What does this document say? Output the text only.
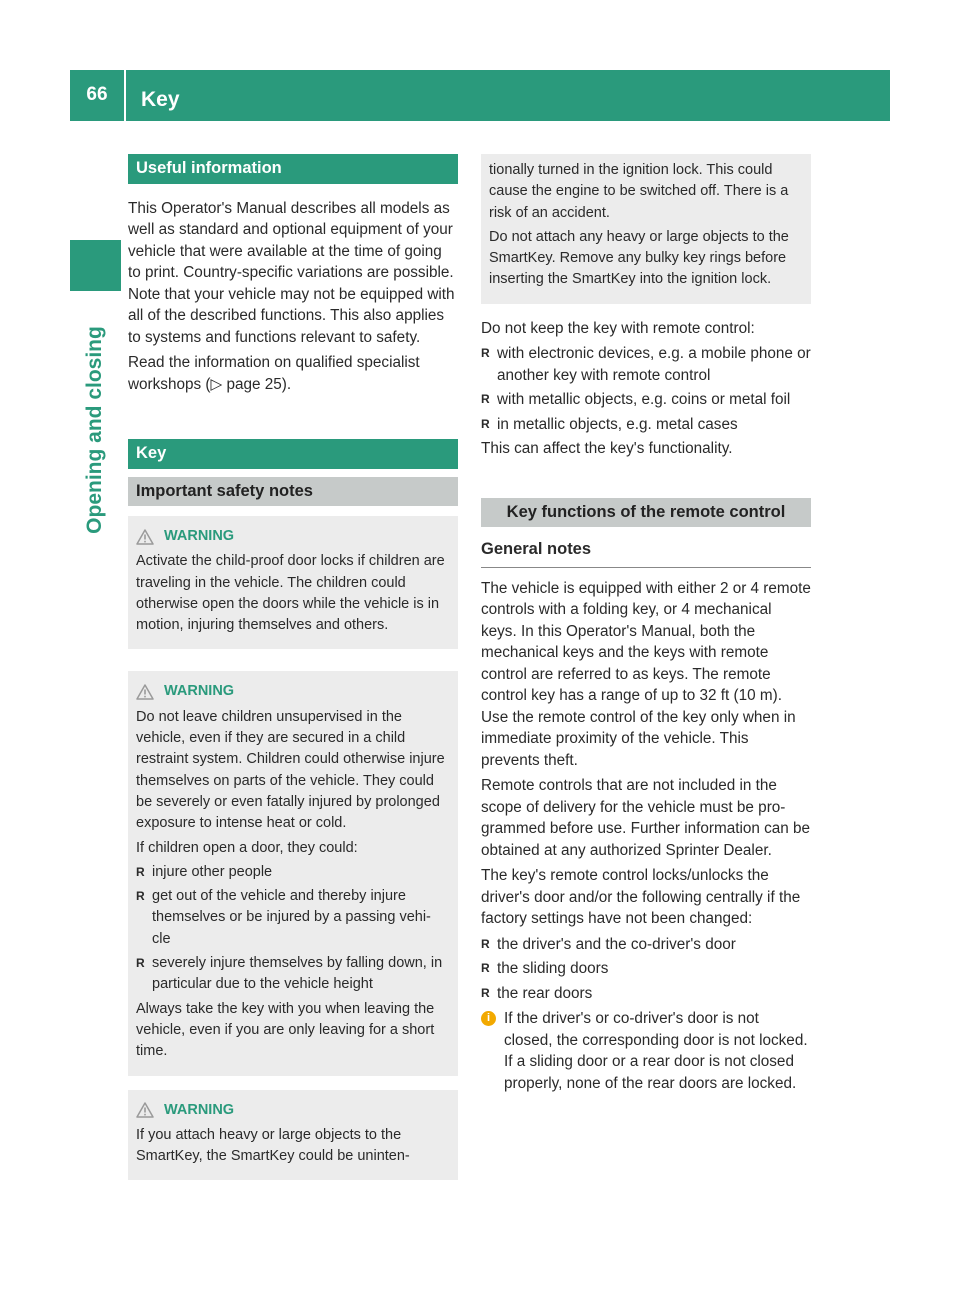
66	Key
Opening and closing
Useful information

This Operator's Manual describes all models as well as standard and optional equipment of your vehicle that were available at the time of going to print. Country-specific variations are possible. Note that your vehicle may not be equipped with all of the described functions. This also applies to systems and functions relevant to safety.

Read the information on qualified specialist workshops (▷ page 25).

Key
Important safety notes
WARNING

Activate the child-proof door locks if children are traveling in the vehicle. The children could otherwise open the doors while the vehicle is in motion, injuring themselves and others.

WARNING

Do not leave children unsupervised in the vehicle, even if they are secured in a child restraint system. Children could otherwise injure themselves on parts of the vehicle. They could be severely or even fatally injured by prolonged exposure to intense heat or cold.

If children open a door, they could:

R injure other people
R get out of the vehicle and thereby injure themselves or be injured by a passing vehi- cle
R severely injure themselves by falling down, in particular due to the vehicle height

Always take the key with you when leaving the vehicle, even if you are only leaving for a short time.

WARNING

If you attach heavy or large objects to the SmartKey, the SmartKey could be uninten-

tionally turned in the ignition lock. This could cause the engine to be switched off. There is a risk of an accident.

Do not attach any heavy or large objects to the SmartKey. Remove any bulky key rings before inserting the SmartKey into the ignition lock.

Do not keep the key with remote control:

R with electronic devices, e.g. a mobile phone or another key with remote control
R with metallic objects, e.g. coins or metal foil
R in metallic objects, e.g. metal cases

This can affect the key's functionality.

Key functions of the remote control
General notes

The vehicle is equipped with either 2 or 4 remote controls with a folding key, or 4 mechanical keys. In this Operator's Manual, both the mechanical keys and the keys with remote control are referred to as keys. The remote control key has a range of up to 32 ft (10 m). Use the remote control of the key only when in immediate proximity of the vehicle. This prevents theft.

Remote controls that are not included in the scope of delivery for the vehicle must be pro- grammed before use. Further information can be obtained at any authorized Sprinter Dealer.

The key's remote control locks/unlocks the driver's door and/or the following centrally if the factory settings have not been changed:

R the driver's and the co-driver's door
R the sliding doors
R the rear doors
i If the driver's or co-driver's door is not closed, the corresponding door is not locked. If a sliding door or a rear door is not closed properly, none of the rear doors are locked.
